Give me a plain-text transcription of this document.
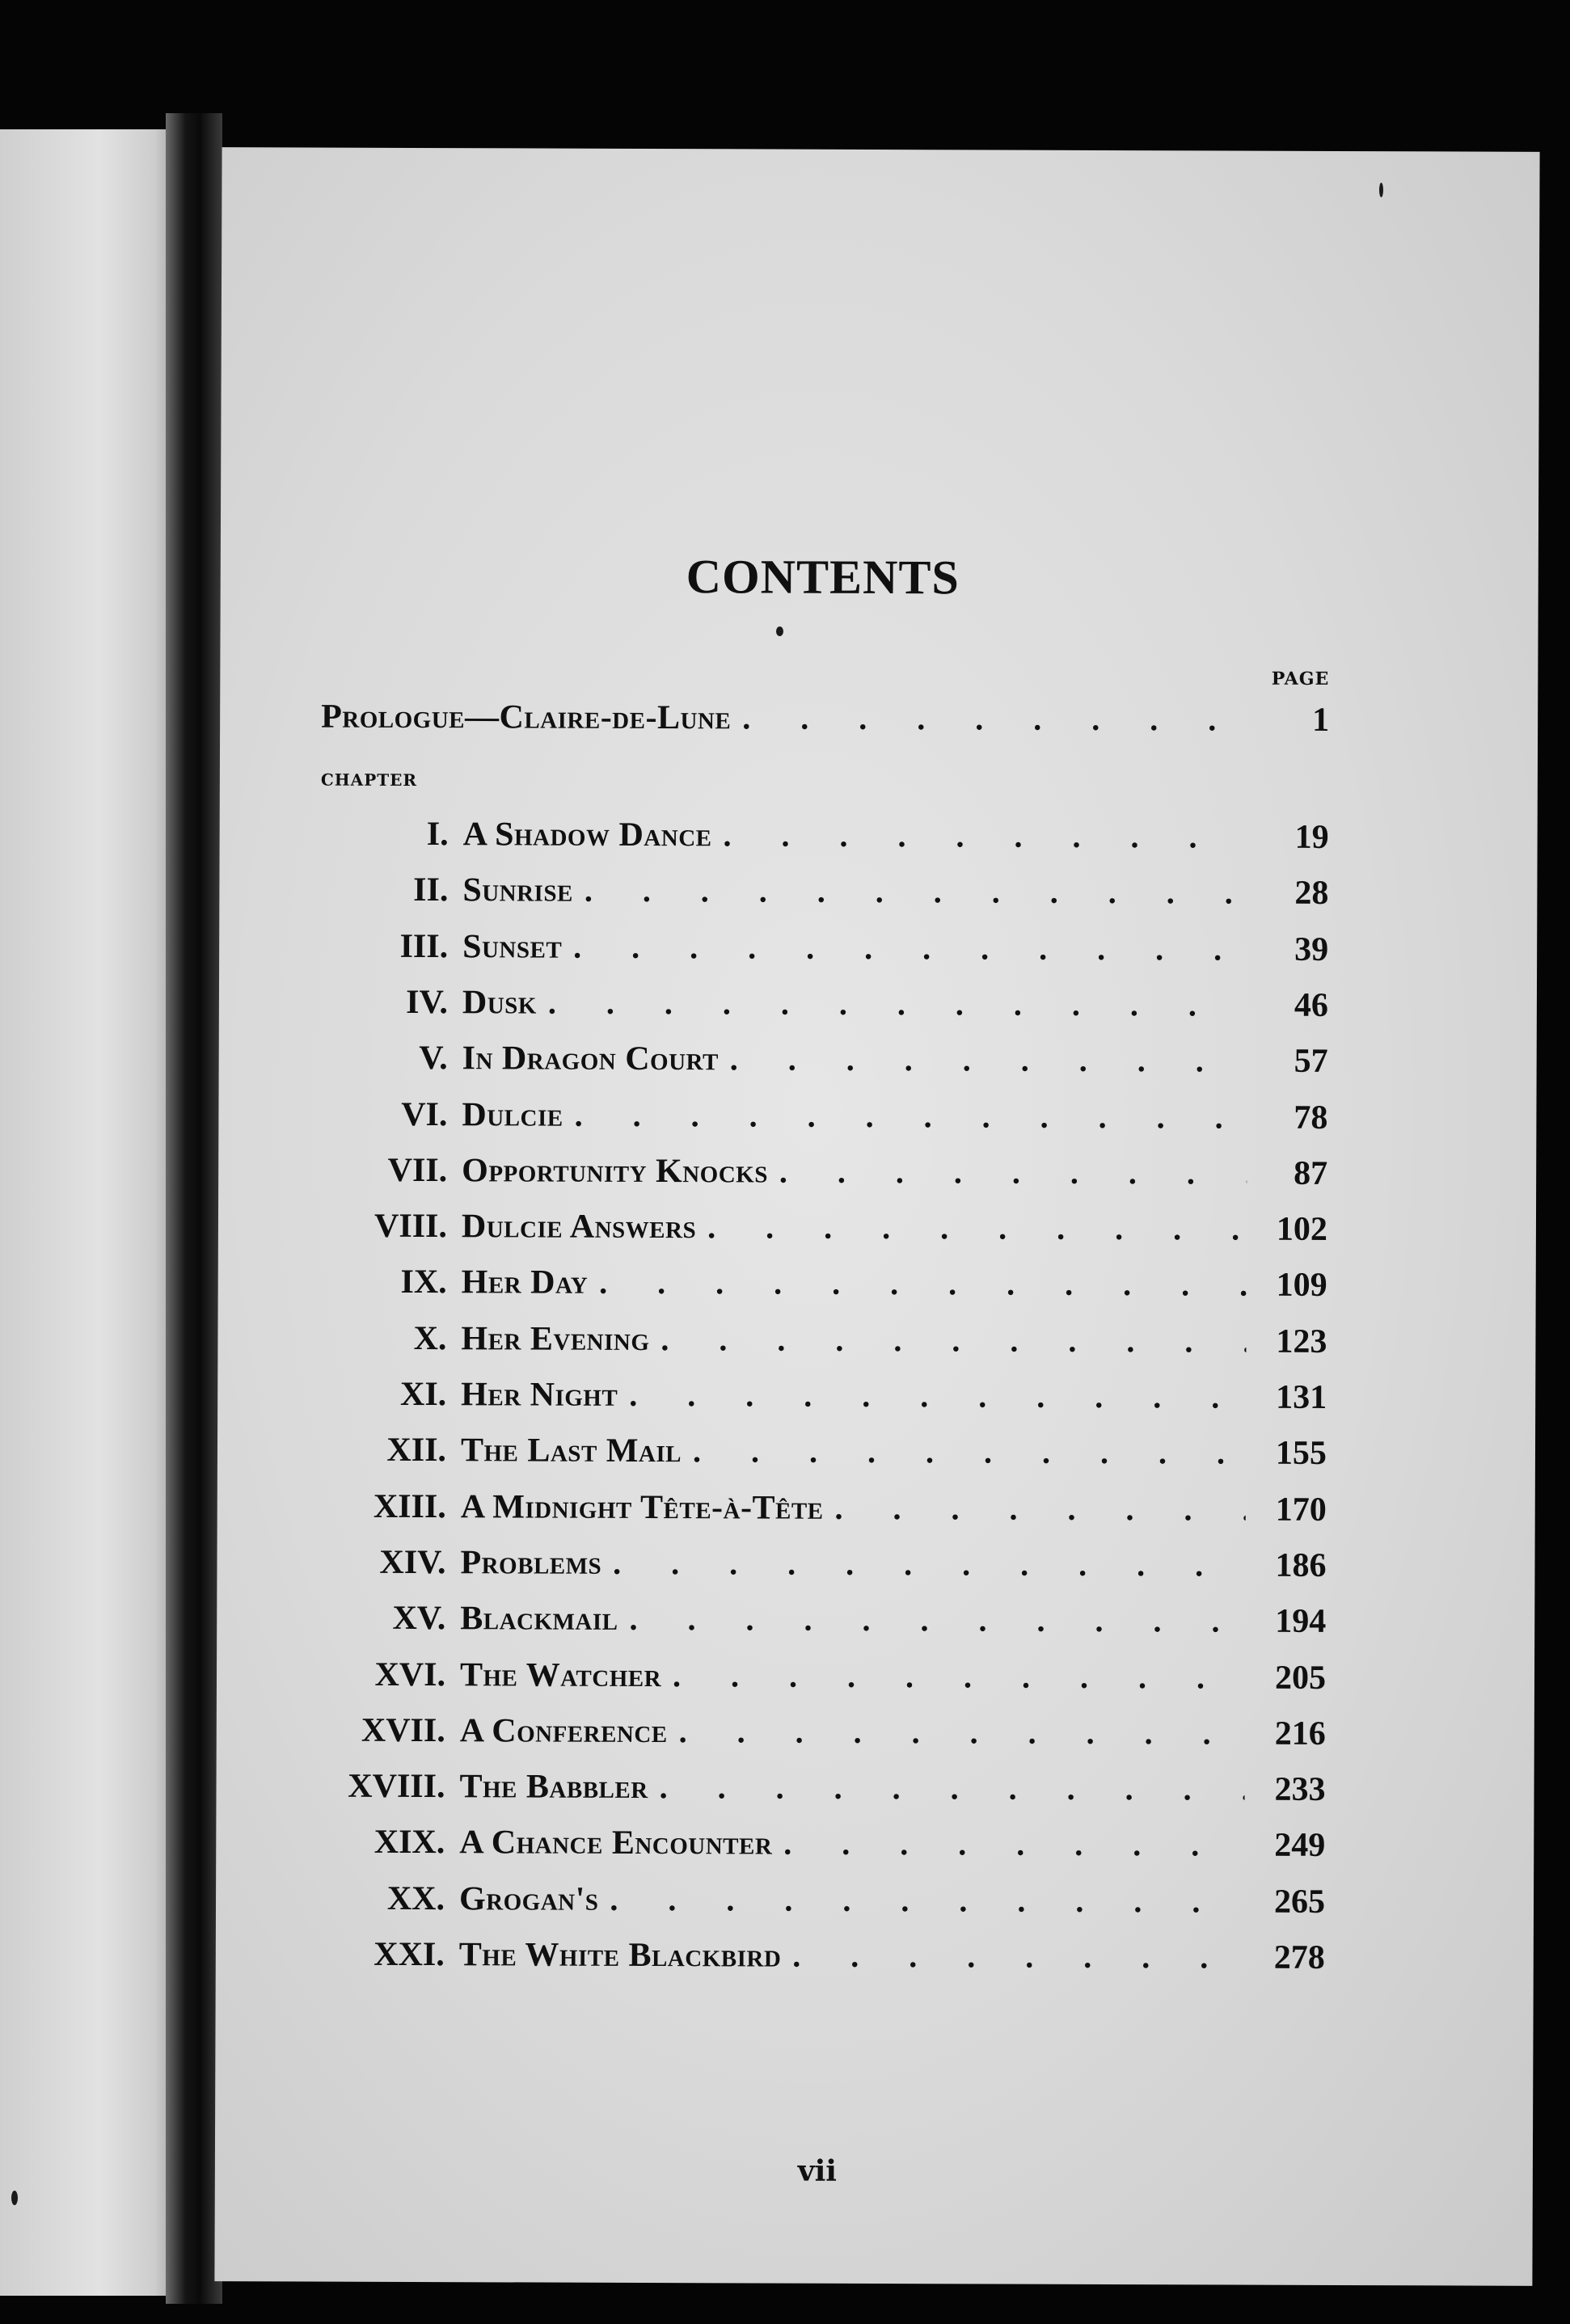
CONTENTS
PAGE
Prologue—Claire-de-Lune . . .	1
CHAPTER
I. A Shadow Dance . . .	19
II. Sunrise . . .	28
III. Sunset . . .	39
IV. Dusk . . .	46
V. In Dragon Court . . .	57
VI. Dulcie . . .	78
VII. Opportunity Knocks . . .	87
VIII. Dulcie Answers . . .	102
IX. Her Day . . .	109
X. Her Evening . . .	123
XI. Her Night . . .	131
XII. The Last Mail . . .	155
XIII. A Midnight Tête-à-Tête . . .	170
XIV. Problems . . .	186
XV. Blackmail . . .	194
XVI. The Watcher . . .	205
XVII. A Conference . . .	216
XVIII. The Babbler . . .	233
XIX. A Chance Encounter . . .	249
XX. Grogan's . . .	265
XXI. The White Blackbird . . .	278
vii
